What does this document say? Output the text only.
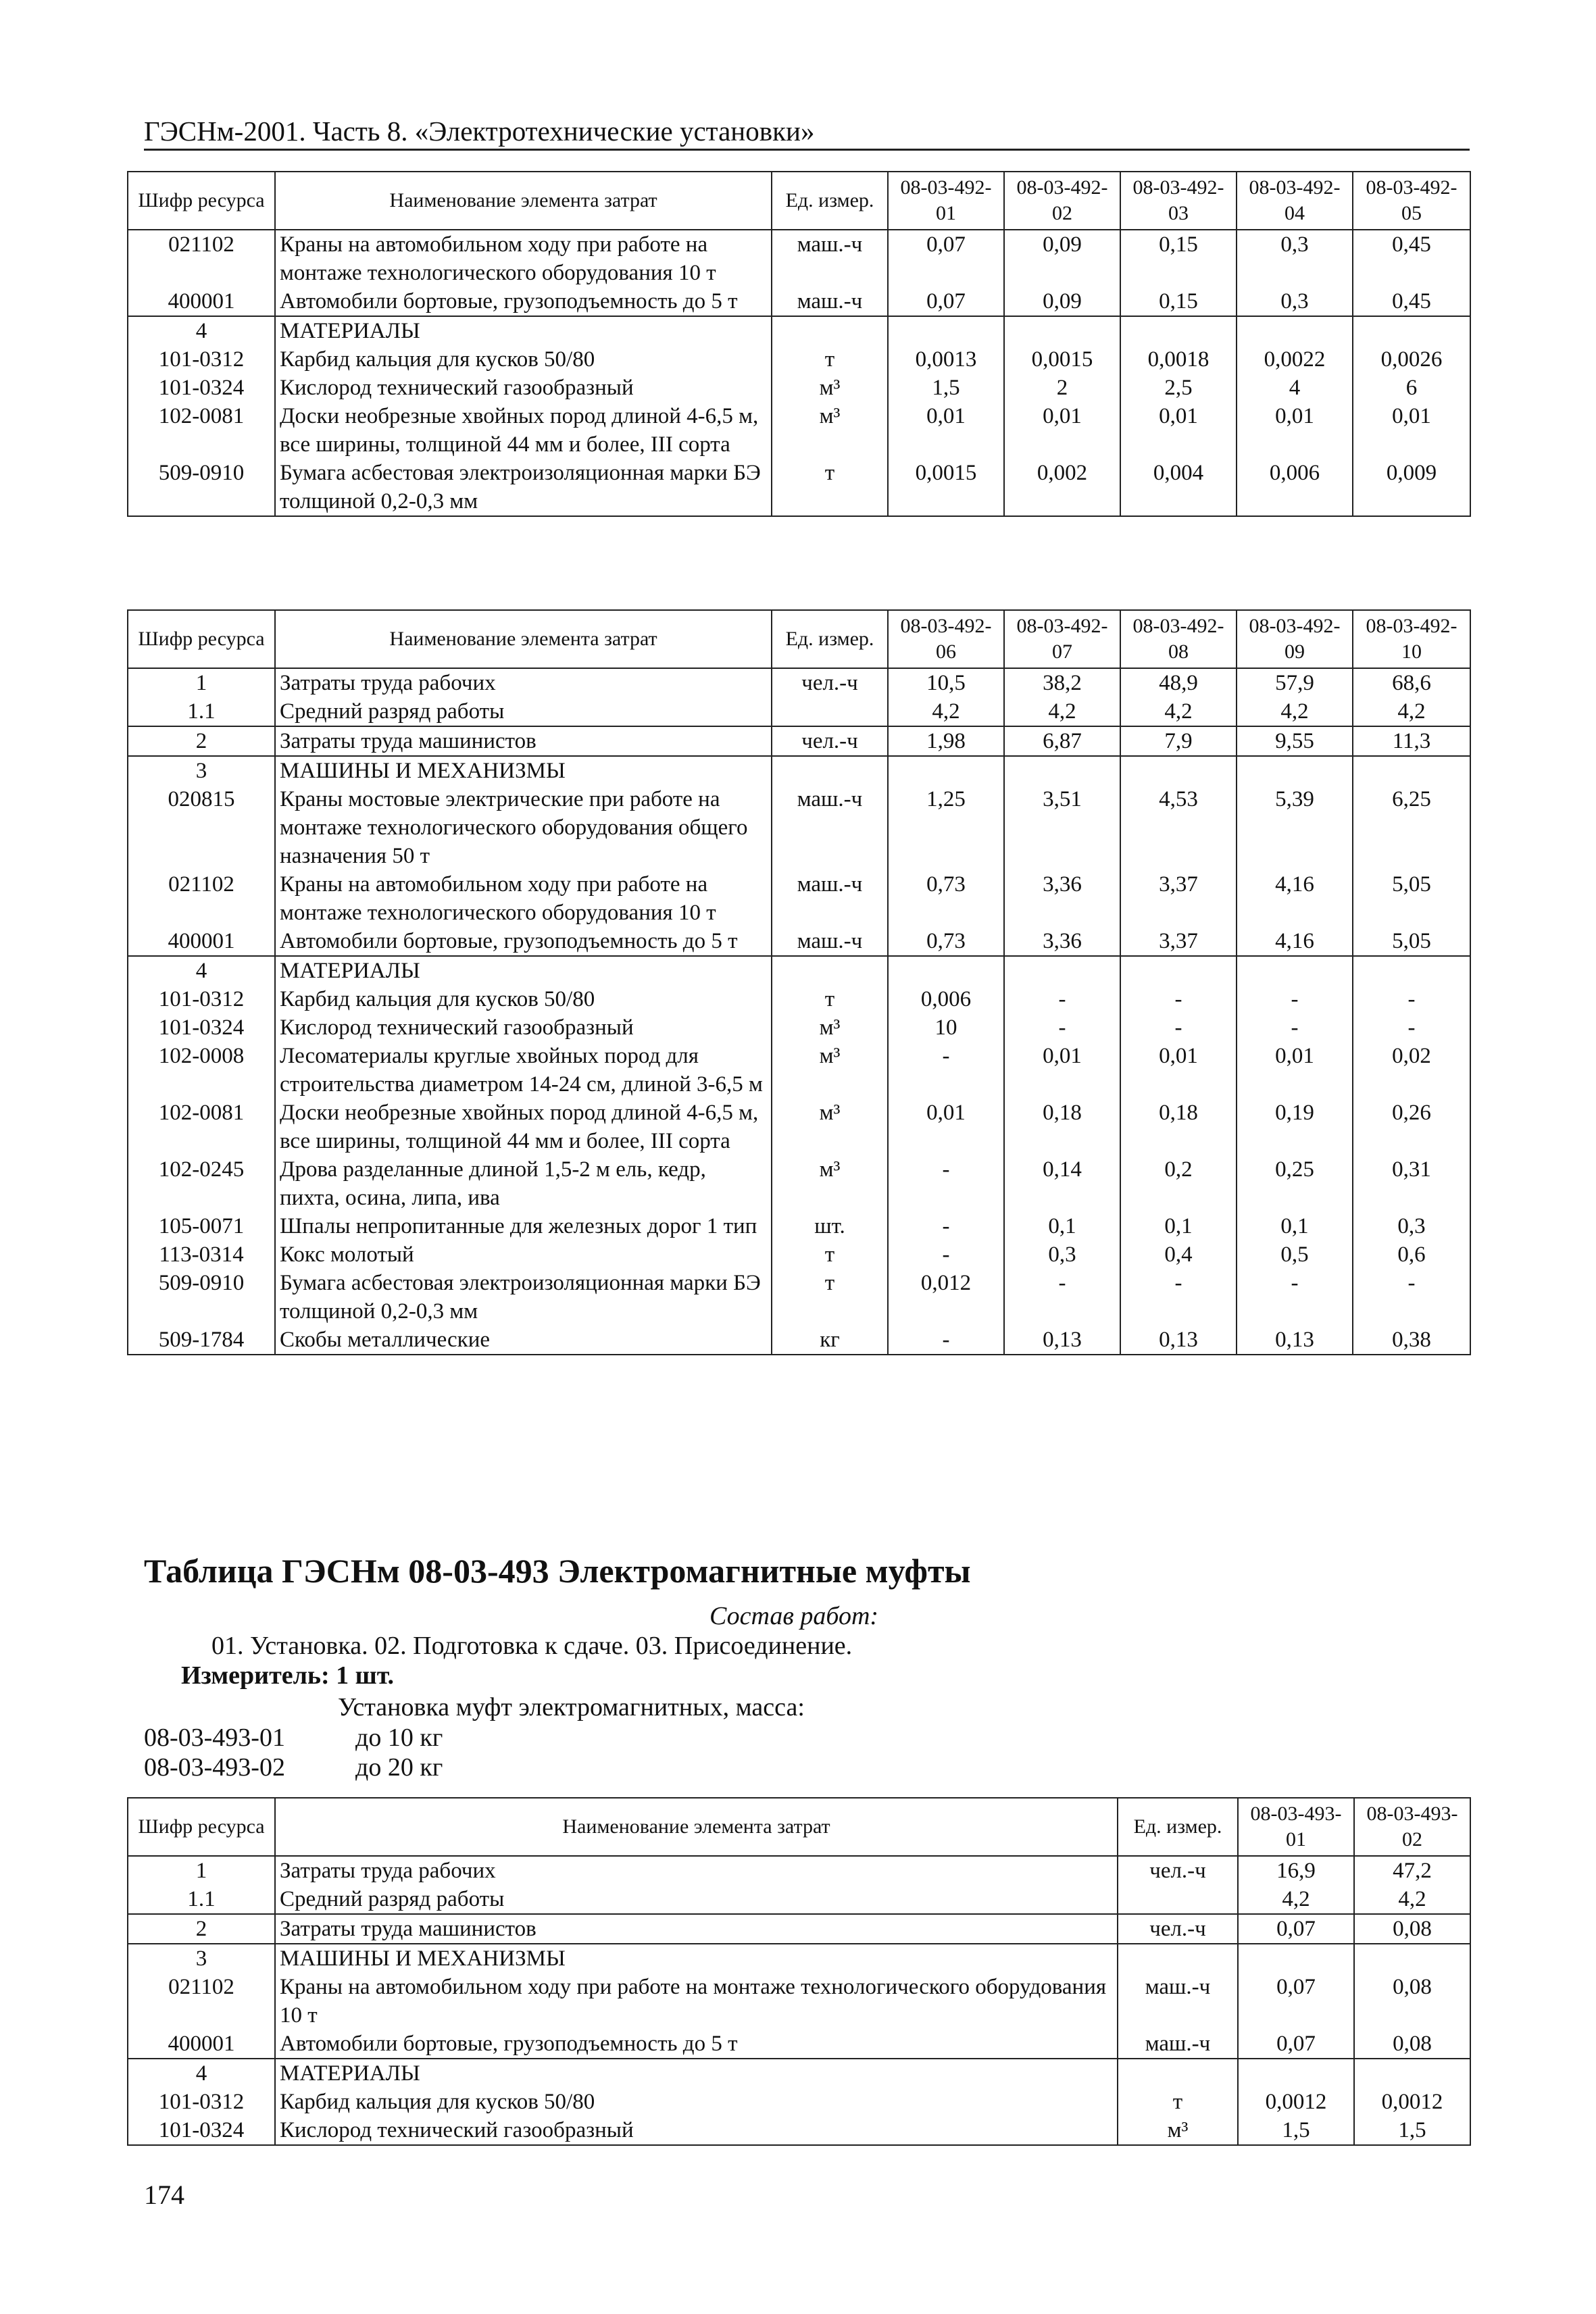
ГЭСНм-2001. Часть 8. «Электротехнические установки»
Шифр ресурса	Наименование элемента затрат	Ед. измер.	08-03-492-01	08-03-492-02	08-03-492-03	08-03-492-04	08-03-492-05
021102	Краны на автомобильном ходу при работе на монтаже технологического оборудования 10 т	маш.-ч	0,07	0,09	0,15	0,3	0,45
400001	Автомобили бортовые, грузоподъемность до 5 т	маш.-ч	0,07	0,09	0,15	0,3	0,45
4	МАТЕРИАЛЫ						
101-0312	Карбид кальция для кусков 50/80	т	0,0013	0,0015	0,0018	0,0022	0,0026
101-0324	Кислород технический газообразный	м³	1,5	2	2,5	4	6
102-0081	Доски необрезные хвойных пород длиной 4-6,5 м, все ширины, толщиной 44 мм и более, III сорта	м³	0,01	0,01	0,01	0,01	0,01
509-0910	Бумага асбестовая электроизоляционная марки БЭ толщиной 0,2-0,3 мм	т	0,0015	0,002	0,004	0,006	0,009
Шифр ресурса	Наименование элемента затрат	Ед. измер.	08-03-492-06	08-03-492-07	08-03-492-08	08-03-492-09	08-03-492-10
1	Затраты труда рабочих	чел.-ч	10,5	38,2	48,9	57,9	68,6
1.1	Средний разряд работы		4,2	4,2	4,2	4,2	4,2
2	Затраты труда машинистов	чел.-ч	1,98	6,87	7,9	9,55	11,3
3	МАШИНЫ И МЕХАНИЗМЫ						
020815	Краны мостовые электрические при работе на монтаже технологического оборудования общего назначения 50 т	маш.-ч	1,25	3,51	4,53	5,39	6,25
021102	Краны на автомобильном ходу при работе на монтаже технологического оборудования 10 т	маш.-ч	0,73	3,36	3,37	4,16	5,05
400001	Автомобили бортовые, грузоподъемность до 5 т	маш.-ч	0,73	3,36	3,37	4,16	5,05
4	МАТЕРИАЛЫ						
101-0312	Карбид кальция для кусков 50/80	т	0,006	-	-	-	-
101-0324	Кислород технический газообразный	м³	10	-	-	-	-
102-0008	Лесоматериалы круглые хвойных пород для строительства диаметром 14-24 см, длиной 3-6,5 м	м³	-	0,01	0,01	0,01	0,02
102-0081	Доски необрезные хвойных пород длиной 4-6,5 м, все ширины, толщиной 44 мм и более, III сорта	м³	0,01	0,18	0,18	0,19	0,26
102-0245	Дрова разделанные длиной 1,5-2 м ель, кедр, пихта, осина, липа, ива	м³	-	0,14	0,2	0,25	0,31
105-0071	Шпалы непропитанные для железных дорог 1 тип	шт.	-	0,1	0,1	0,1	0,3
113-0314	Кокс молотый	т	-	0,3	0,4	0,5	0,6
509-0910	Бумага асбестовая электроизоляционная марки БЭ толщиной 0,2-0,3 мм	т	0,012	-	-	-	-
509-1784	Скобы металлические	кг	-	0,13	0,13	0,13	0,38
Таблица ГЭСНм 08-03-493 Электромагнитные муфты
Состав работ:
01. Установка. 02. Подготовка к сдаче. 03. Присоединение.
Измеритель: 1 шт.
Установка муфт электромагнитных, масса:
08-03-493-01	до 10 кг
08-03-493-02	до 20 кг
Шифр ресурса	Наименование элемента затрат	Ед. измер.	08-03-493-01	08-03-493-02
1	Затраты труда рабочих	чел.-ч	16,9	47,2
1.1	Средний разряд работы		4,2	4,2
2	Затраты труда машинистов	чел.-ч	0,07	0,08
3	МАШИНЫ И МЕХАНИЗМЫ			
021102	Краны на автомобильном ходу при работе на монтаже технологического оборудования 10 т	маш.-ч	0,07	0,08
400001	Автомобили бортовые, грузоподъемность до 5 т	маш.-ч	0,07	0,08
4	МАТЕРИАЛЫ			
101-0312	Карбид кальция для кусков 50/80	т	0,0012	0,0012
101-0324	Кислород технический газообразный	м³	1,5	1,5
174
